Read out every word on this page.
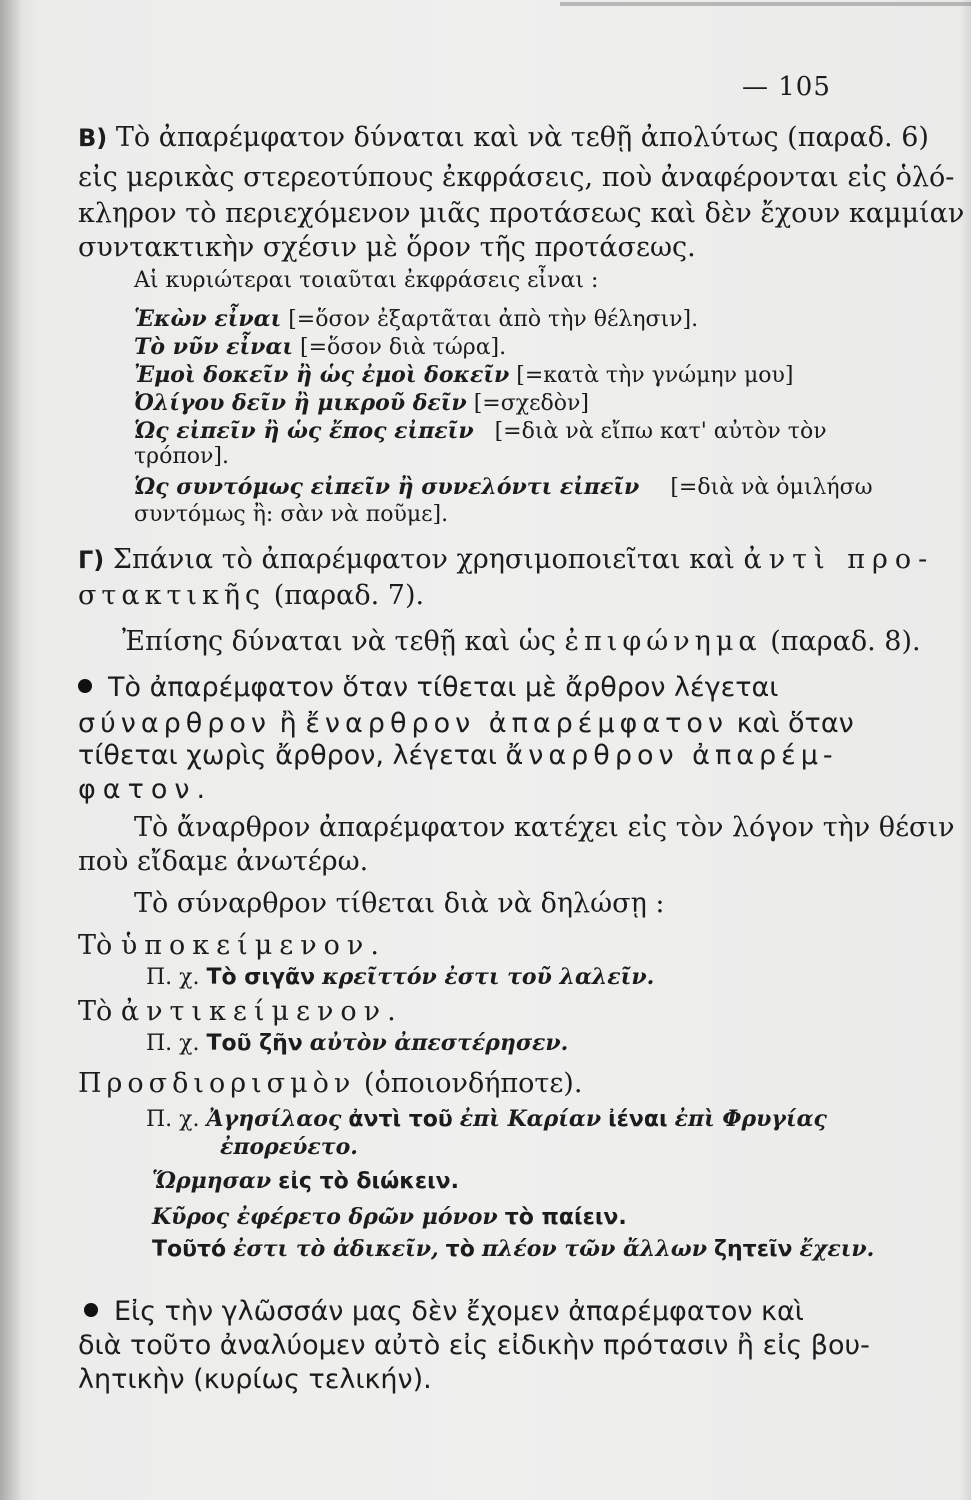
— 105
Β) Τὸ ἀπαρέμφατον δύναται καὶ νὰ τεθῇ ἀπολύτως (παραδ. 6)
εἰς μερικὰς στερεοτύπους ἐκφράσεις, ποὺ ἀναφέρονται εἰς ὁλό-
κληρον τὸ περιεχόμενον μιᾶς προτάσεως καὶ δὲν ἔχουν καμμίαν
συντακτικὴν σχέσιν μὲ ὅρον τῆς προτάσεως.
Αἱ κυριώτεραι τοιαῦται ἐκφράσεις εἶναι :
Ἑκὼν εἶναι [=ὅσον ἐξαρτᾶται ἀπὸ τὴν θέλησιν].
Τὸ νῦν εἶναι [=ὅσον διὰ τώρα].
Ἐμοὶ δοκεῖν ἢ ὡς ἐμοὶ δοκεῖν [=κατὰ τὴν γνώμην μου]
Ὀλίγου δεῖν ἢ μικροῦ δεῖν [=σχεδὸν]
Ὡς εἰπεῖν ἢ ὡς ἔπος εἰπεῖν [=διὰ νὰ εἴπω κατ' αὐτὸν τὸν
τρόπον].
Ὡς συντόμως εἰπεῖν ἢ συνελόντι εἰπεῖν [=διὰ νὰ ὁμιλήσω
συντόμως ἢ: σὰν νὰ ποῦμε].
Γ) Σπάνια τὸ ἀπαρέμφατον χρησιμοποιεῖται καὶ ἀντὶ προ-
στακτικῆς (παραδ. 7).
Ἐπίσης δύναται νὰ τεθῇ καὶ ὡς ἐπιφώνημα (παραδ. 8).
Τὸ ἀπαρέμφατον ὅταν τίθεται μὲ ἄρθρον λέγεται
σύναρθρον ἢ ἔναρθρον ἀπαρέμφατον καὶ ὅταν
τίθεται χωρὶς ἄρθρον, λέγεται ἄναρθρον ἀπαρέμ-
φατον.
Τὸ ἄναρθρον ἀπαρέμφατον κατέχει εἰς τὸν λόγον τὴν θέσιν
ποὺ εἴδαμε ἀνωτέρω.
Τὸ σύναρθρον τίθεται διὰ νὰ δηλώσῃ :
Τὸ ὑποκείμενον.
Π. χ. Τὸ σιγᾶν κρεῖττόν ἐστι τοῦ λαλεῖν.
Τὸ ἀντικείμενον.
Π. χ. Τοῦ ζῆν αὐτὸν ἀπεστέρησεν.
Προσδιορισμὸν (ὁποιονδήποτε).
Π. χ. Ἀγησίλαος ἀντὶ τοῦ ἐπὶ Καρίαν ἰέναι ἐπὶ Φρυγίας
ἐπορεύετο.
Ὥρμησαν εἰς τὸ διώκειν.
Κῦρος ἐφέρετο δρῶν μόνον τὸ παίειν.
Τοῦτό ἐστι τὸ ἀδικεῖν, τὸ πλέον τῶν ἄλλων ζητεῖν ἔχειν.
Εἰς τὴν γλῶσσάν μας δὲν ἔχομεν ἀπαρέμφατον καὶ
διὰ τοῦτο ἀναλύομεν αὐτὸ εἰς εἰδικὴν πρότασιν ἢ εἰς βου-
λητικὴν (κυρίως τελικήν).
